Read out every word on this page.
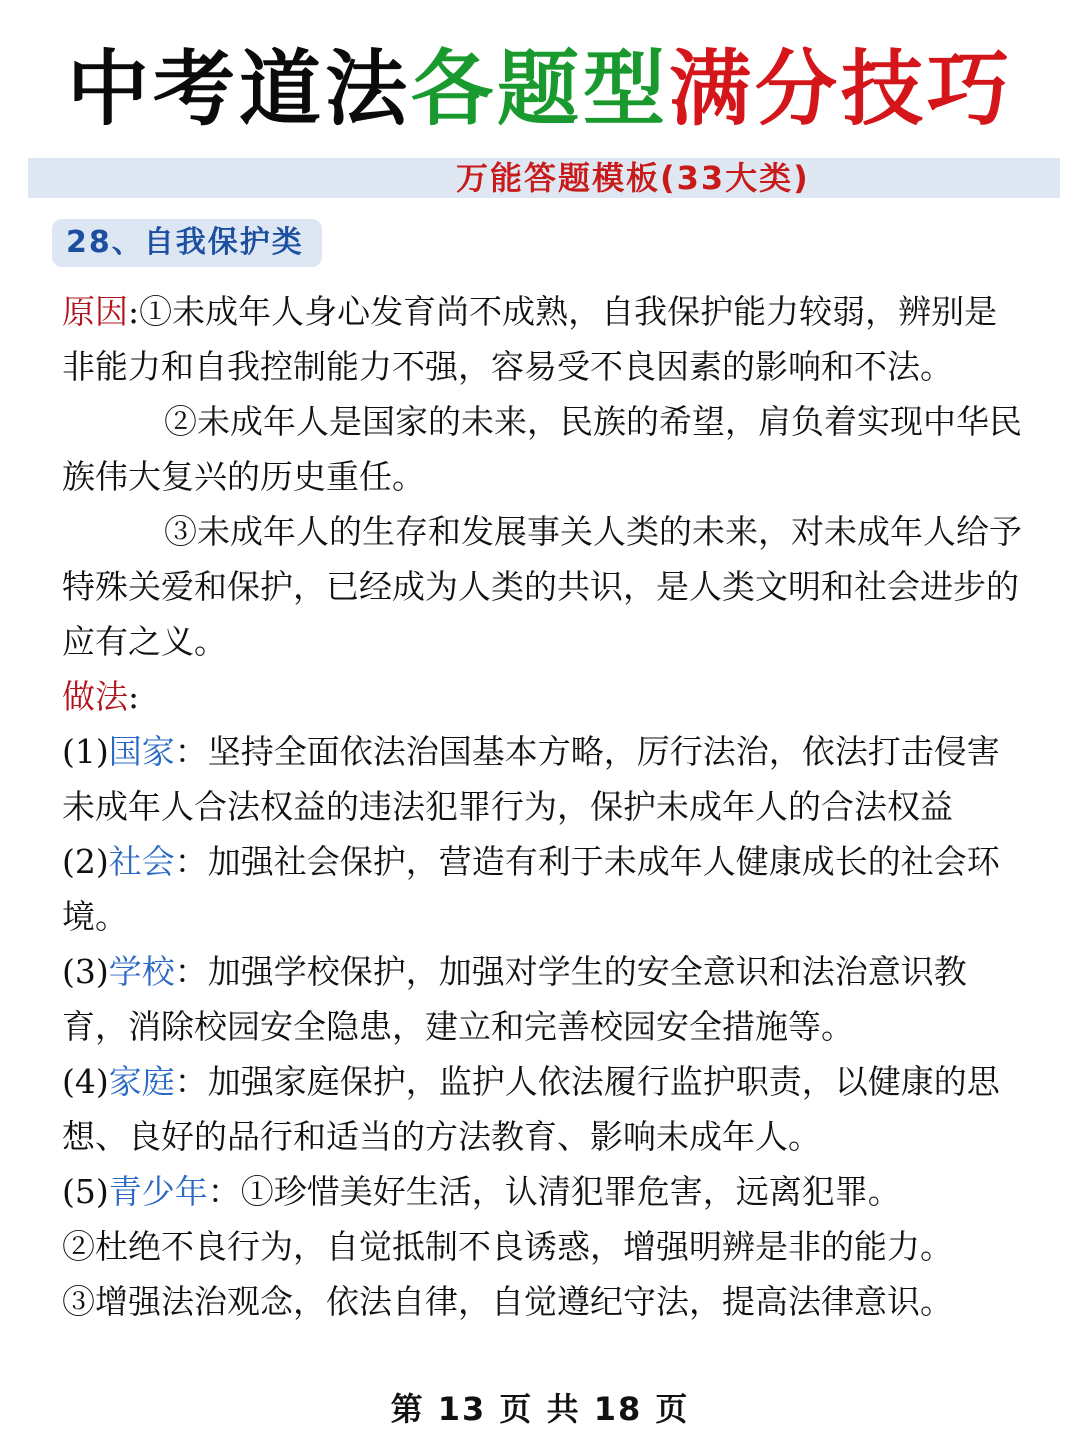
中考道法各题型满分技巧
万能答题模板(33大类)
28、自我保护类

原因:①未成年人身心发育尚不成熟，自我保护能力较弱，辨别是非能力和自我控制能力不强，容易受不良因素的影响和不法。

②未成年人是国家的未来，民族的希望，肩负着实现中华民族伟大复兴的历史重任。

③未成年人的生存和发展事关人类的未来，对未成年人给予特殊关爱和保护，已经成为人类的共识，是人类文明和社会进步的应有之义。

做法:

(1)国家：坚持全面依法治国基本方略，厉行法治，依法打击侵害未成年人合法权益的违法犯罪行为，保护未成年人的合法权益

(2)社会：加强社会保护，营造有利于未成年人健康成长的社会环境。

(3)学校：加强学校保护，加强对学生的安全意识和法治意识教育，消除校园安全隐患，建立和完善校园安全措施等。

(4)家庭：加强家庭保护，监护人依法履行监护职责，以健康的思想、良好的品行和适当的方法教育、影响未成年人。

(5)青少年：①珍惜美好生活，认清犯罪危害，远离犯罪。

②杜绝不良行为，自觉抵制不良诱惑，增强明辨是非的能力。

③增强法治观念，依法自律，自觉遵纪守法，提高法律意识。

第 13 页 共 18 页
